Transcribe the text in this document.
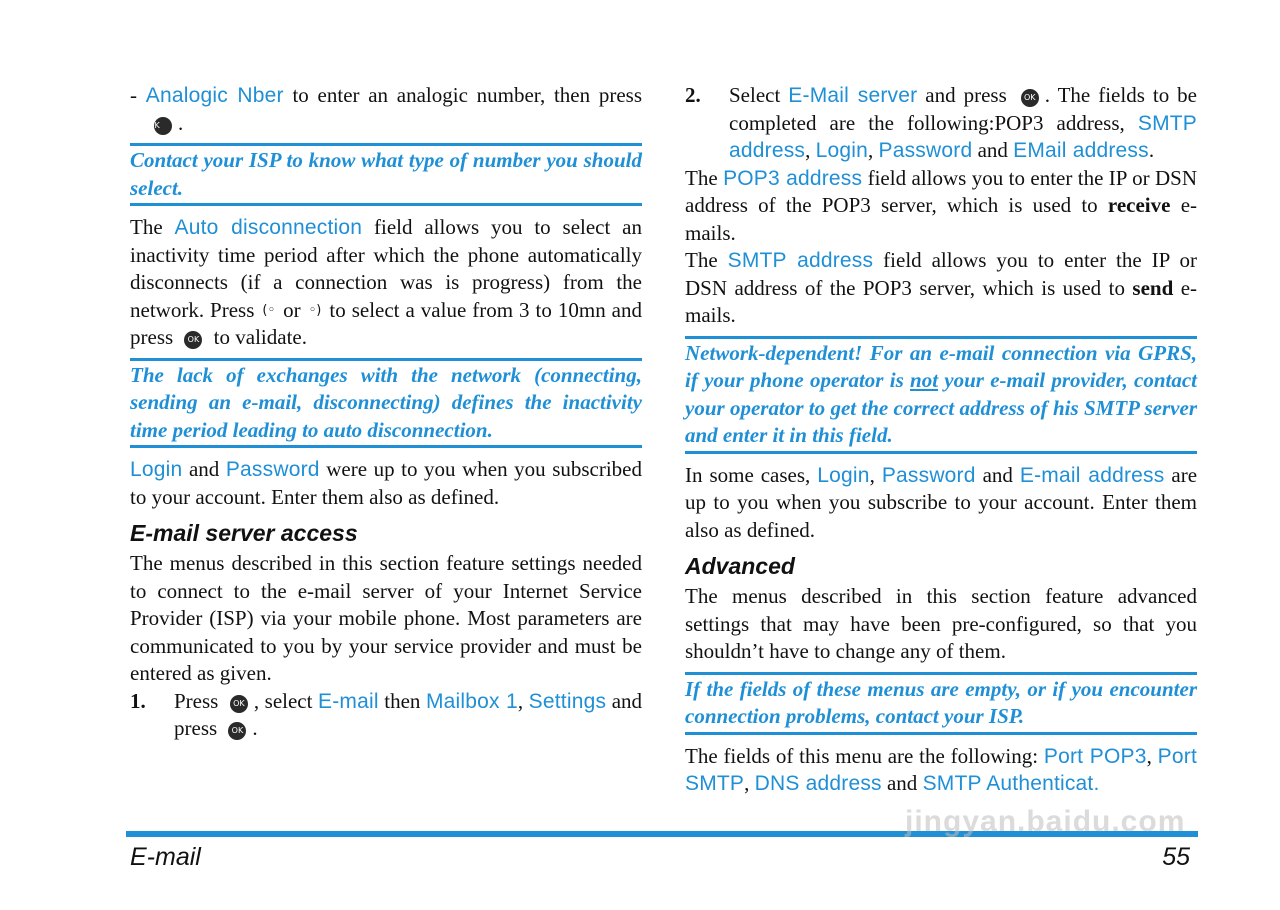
- Analogic Nber to enter an analogic number, then press OK .

Contact your ISP to know what type of number you should select.

The Auto disconnection field allows you to select an inactivity time period after which the phone automatically disconnects (if a connection was is progress) from the network. Press (◦ or ◦) to select a value from 3 to 10mn and press OK to validate.

The lack of exchanges with the network (connecting, sending an e-mail, disconnecting) defines the inactivity time period leading to auto disconnection.

Login and Password were up to you when you subscribed to your account. Enter them also as defined.

E-mail server access

The menus described in this section feature settings needed to connect to the e-mail server of your Internet Service Provider (ISP) via your mobile phone. Most parameters are communicated to you by your service provider and must be entered as given.

1. Press OK , select E-mail then Mailbox 1, Settings and press OK .

2. Select E-Mail server and press OK . The fields to be completed are the following:POP3 address, SMTP address, Login, Password and EMail address.

The POP3 address field allows you to enter the IP or DSN address of the POP3 server, which is used to receive e-mails.

The SMTP address field allows you to enter the IP or DSN address of the POP3 server, which is used to send e-mails.

Network-dependent! For an e-mail connection via GPRS, if your phone operator is not your e-mail provider, contact your operator to get the correct address of his SMTP server and enter it in this field.

In some cases, Login, Password and E-mail address are up to you when you subscribe to your account. Enter them also as defined.

Advanced

The menus described in this section feature advanced settings that may have been pre-configured, so that you shouldn’t have to change any of them.

If the fields of these menus are empty, or if you encounter connection problems, contact your ISP.

The fields of this menu are the following: Port POP3, Port SMTP, DNS address and SMTP Authenticat.

E-mail	55
jingyan.baidu.com
